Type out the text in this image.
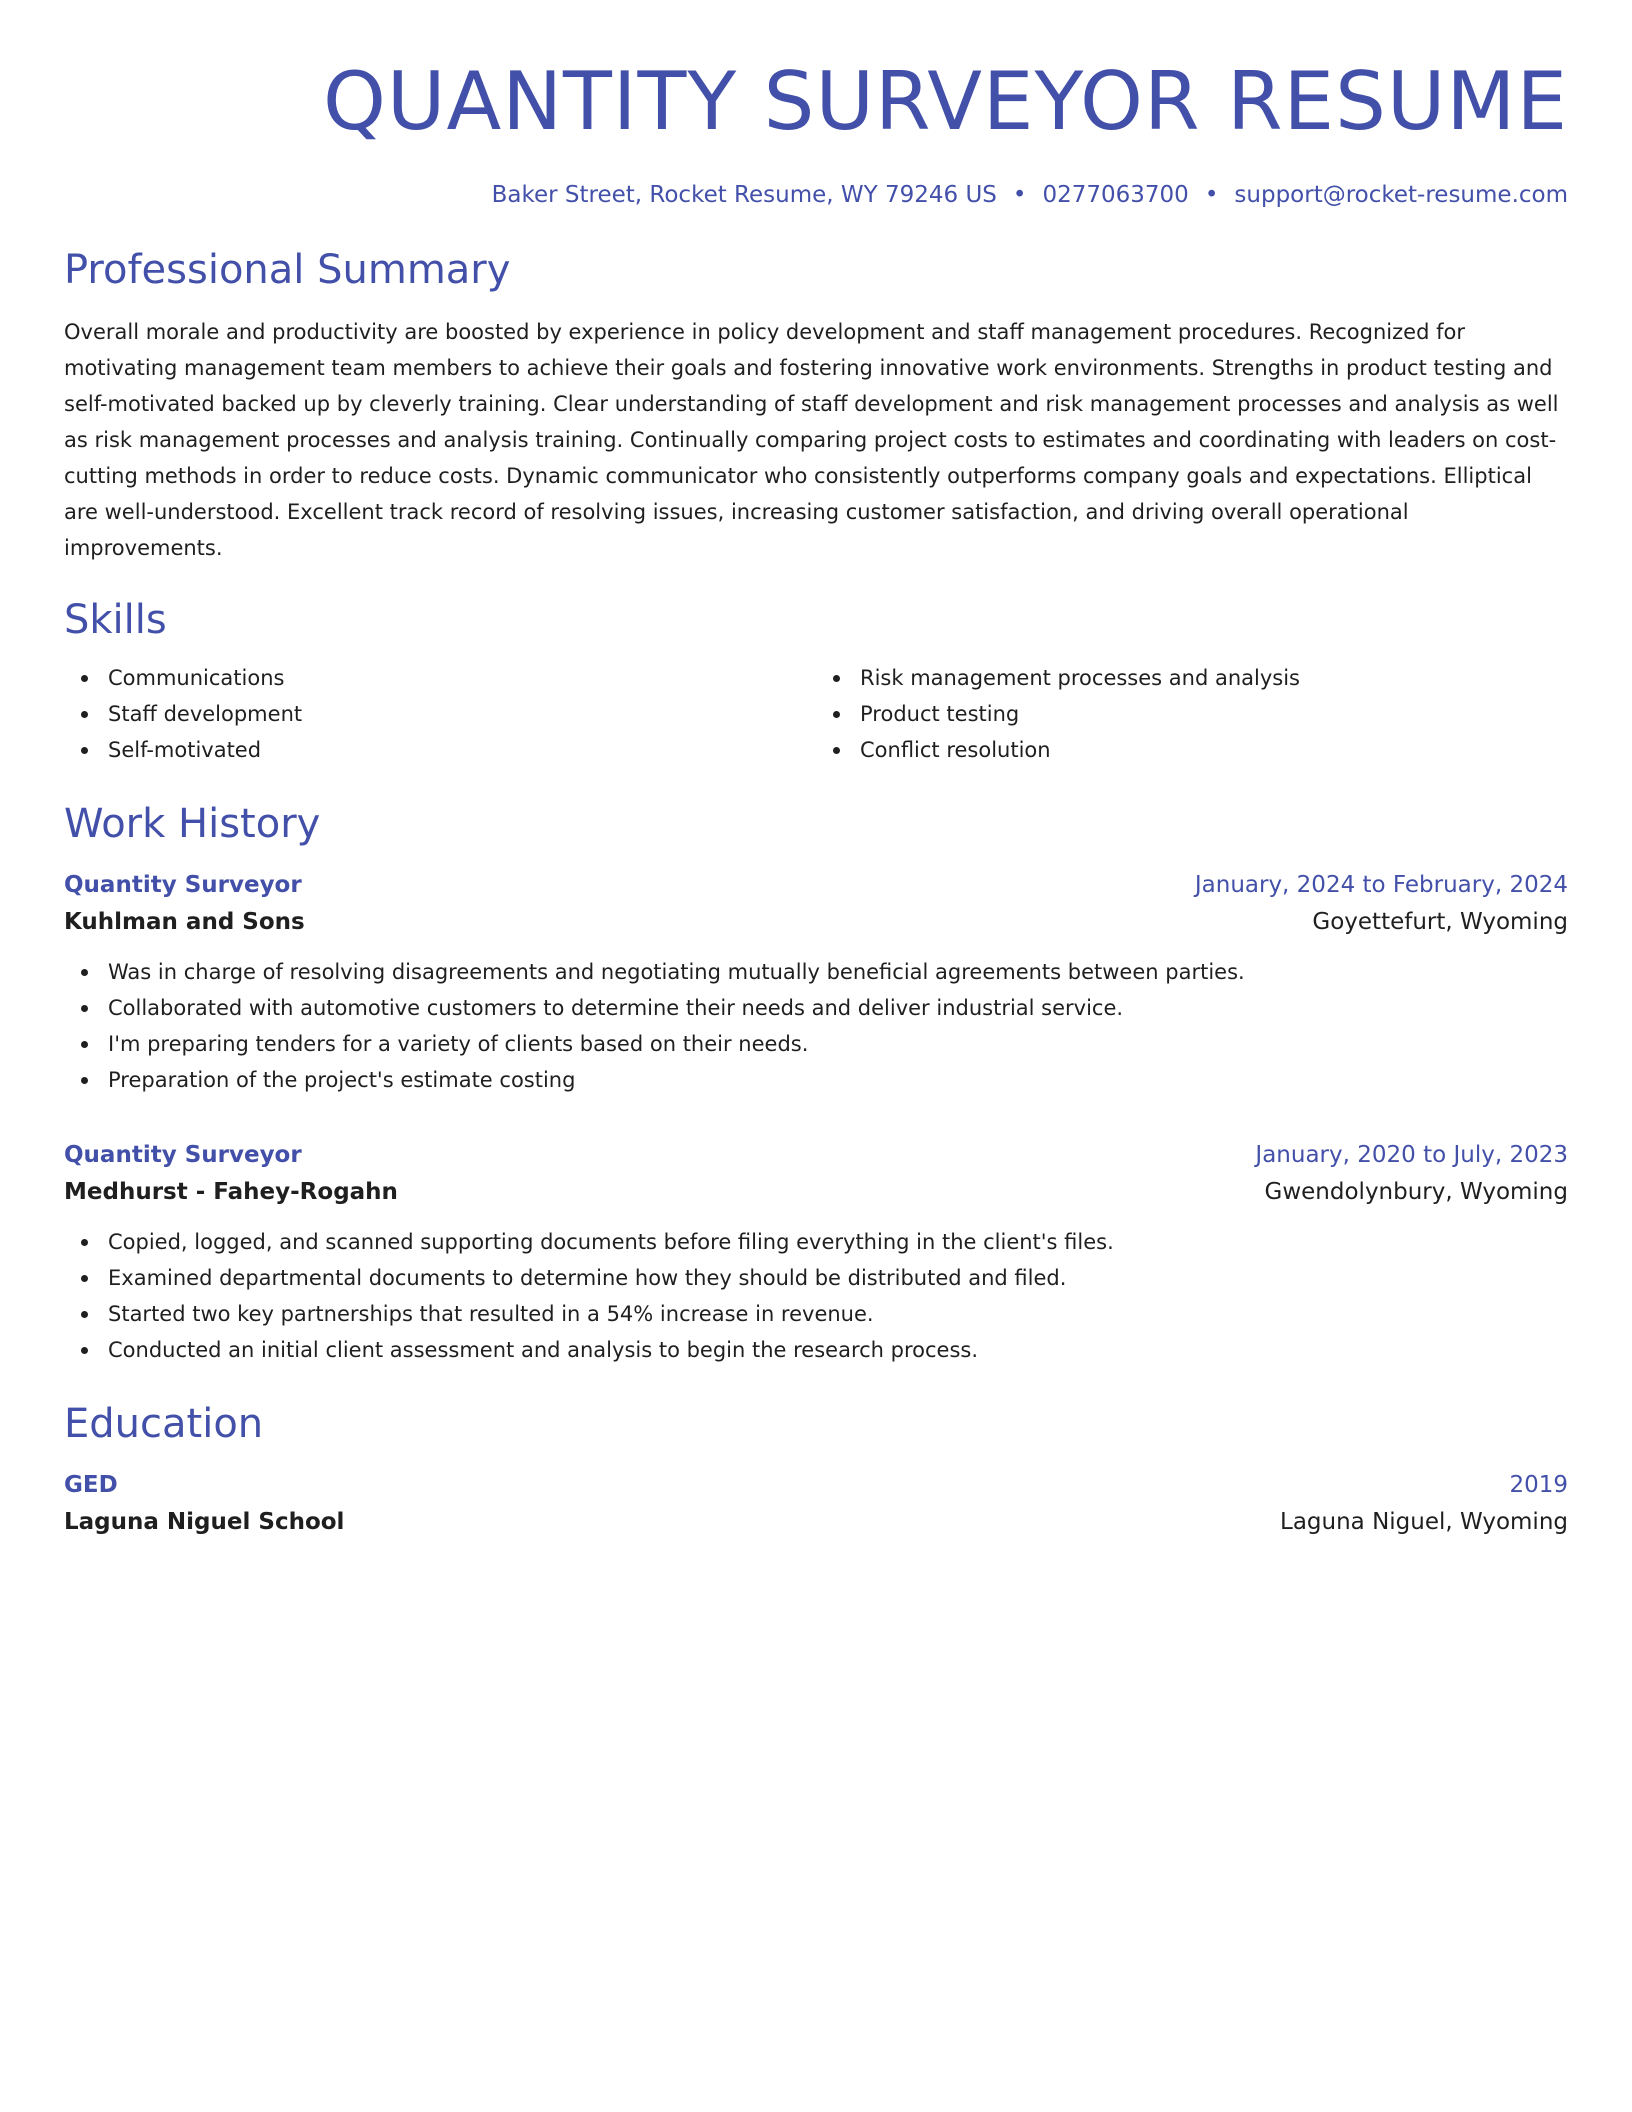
QUANTITY SURVEYOR RESUME
Baker Street, Rocket Resume, WY 79246 US • 0277063700 • support@rocket-resume.com
Professional Summary

Overall morale and productivity are boosted by experience in policy development and staff management procedures. Recognized for motivating management team members to achieve their goals and fostering innovative work environments. Strengths in product testing and self-motivated backed up by cleverly training. Clear understanding of staff development and risk management processes and analysis as well as risk management processes and analysis training. Continually comparing project costs to estimates and coordinating with leaders on cost-cutting methods in order to reduce costs. Dynamic communicator who consistently outperforms company goals and expectations. Elliptical are well-understood. Excellent track record of resolving issues, increasing customer satisfaction, and driving overall operational improvements.

Skills
Communications
Staff development
Self-motivated
Risk management processes and analysis
Product testing
Conflict resolution
Work History
Quantity Surveyor	January, 2024 to February, 2024
Kuhlman and Sons	Goyettefurt, Wyoming
Was in charge of resolving disagreements and negotiating mutually beneficial agreements between parties.
Collaborated with automotive customers to determine their needs and deliver industrial service.
I'm preparing tenders for a variety of clients based on their needs.
Preparation of the project's estimate costing
Quantity Surveyor	January, 2020 to July, 2023
Medhurst - Fahey-Rogahn	Gwendolynbury, Wyoming
Copied, logged, and scanned supporting documents before filing everything in the client's files.
Examined departmental documents to determine how they should be distributed and filed.
Started two key partnerships that resulted in a 54% increase in revenue.
Conducted an initial client assessment and analysis to begin the research process.
Education
GED	2019
Laguna Niguel School	Laguna Niguel, Wyoming
